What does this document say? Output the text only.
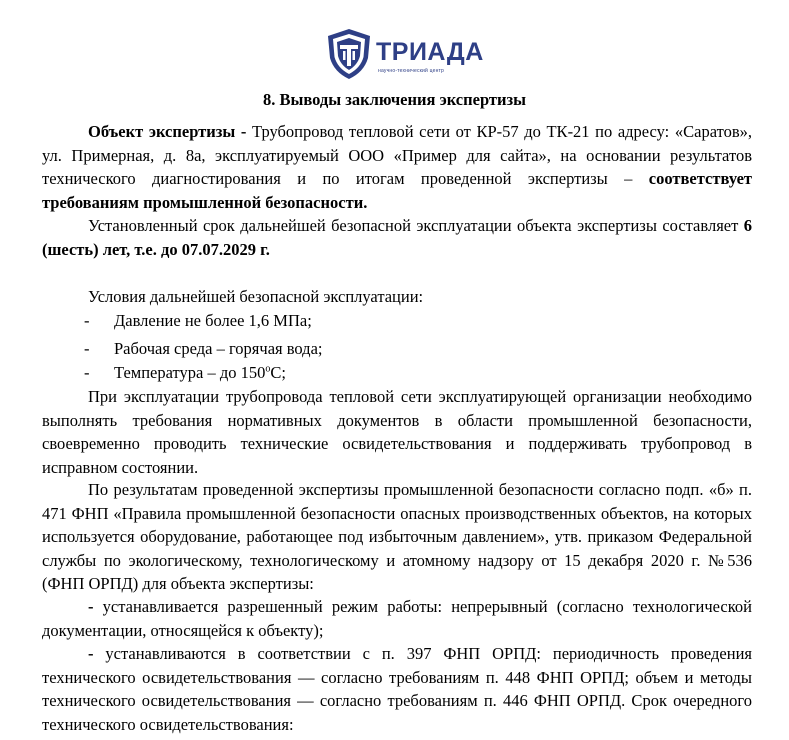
ТРИАДА
научно-технический центр
8. Выводы заключения экспертизы
Объект экспертизы - Трубопровод тепловой сети от КР-57 до ТК-21 по адресу: «Саратов», ул. Примерная, д. 8а, эксплуатируемый ООО «Пример для сайта», на основании результатов технического диагностирования и по итогам проведенной экспертизы – соответствует требованиям промышленной безопасности.
Установленный срок дальнейшей безопасной эксплуатации объекта экспертизы составляет 6 (шесть) лет, т.е. до 07.07.2029 г.
Условия дальнейшей безопасной эксплуатации:
- Давление не более 1,6 МПа;
- Рабочая среда – горячая вода;
- Температура – до $150^оС$;
При эксплуатации трубопровода тепловой сети эксплуатирующей организации необходимо выполнять требования нормативных документов в области промышленной безопасности, своевременно проводить технические освидетельствования и поддерживать трубопровод в исправном состоянии.
По результатам проведенной экспертизы промышленной безопасности согласно подп. «б» п. 471 ФНП «Правила промышленной безопасности опасных производственных объектов, на которых используется оборудование, работающее под избыточным давлением», утв. приказом Федеральной службы по экологическому, технологическому и атомному надзору от 15 декабря 2020 г. №536 (ФНП ОРПД) для объекта экспертизы:
- устанавливается разрешенный режим работы: непрерывный (согласно технологической документации, относящейся к объекту);
- устанавливаются в соответствии с п. 397 ФНП ОРПД: периодичность проведения технического освидетельствования — согласно требованиям п. 448 ФНП ОРПД; объем и методы технического освидетельствования — согласно требованиям п. 446 ФНП ОРПД. Срок очередного технического освидетельствования:
